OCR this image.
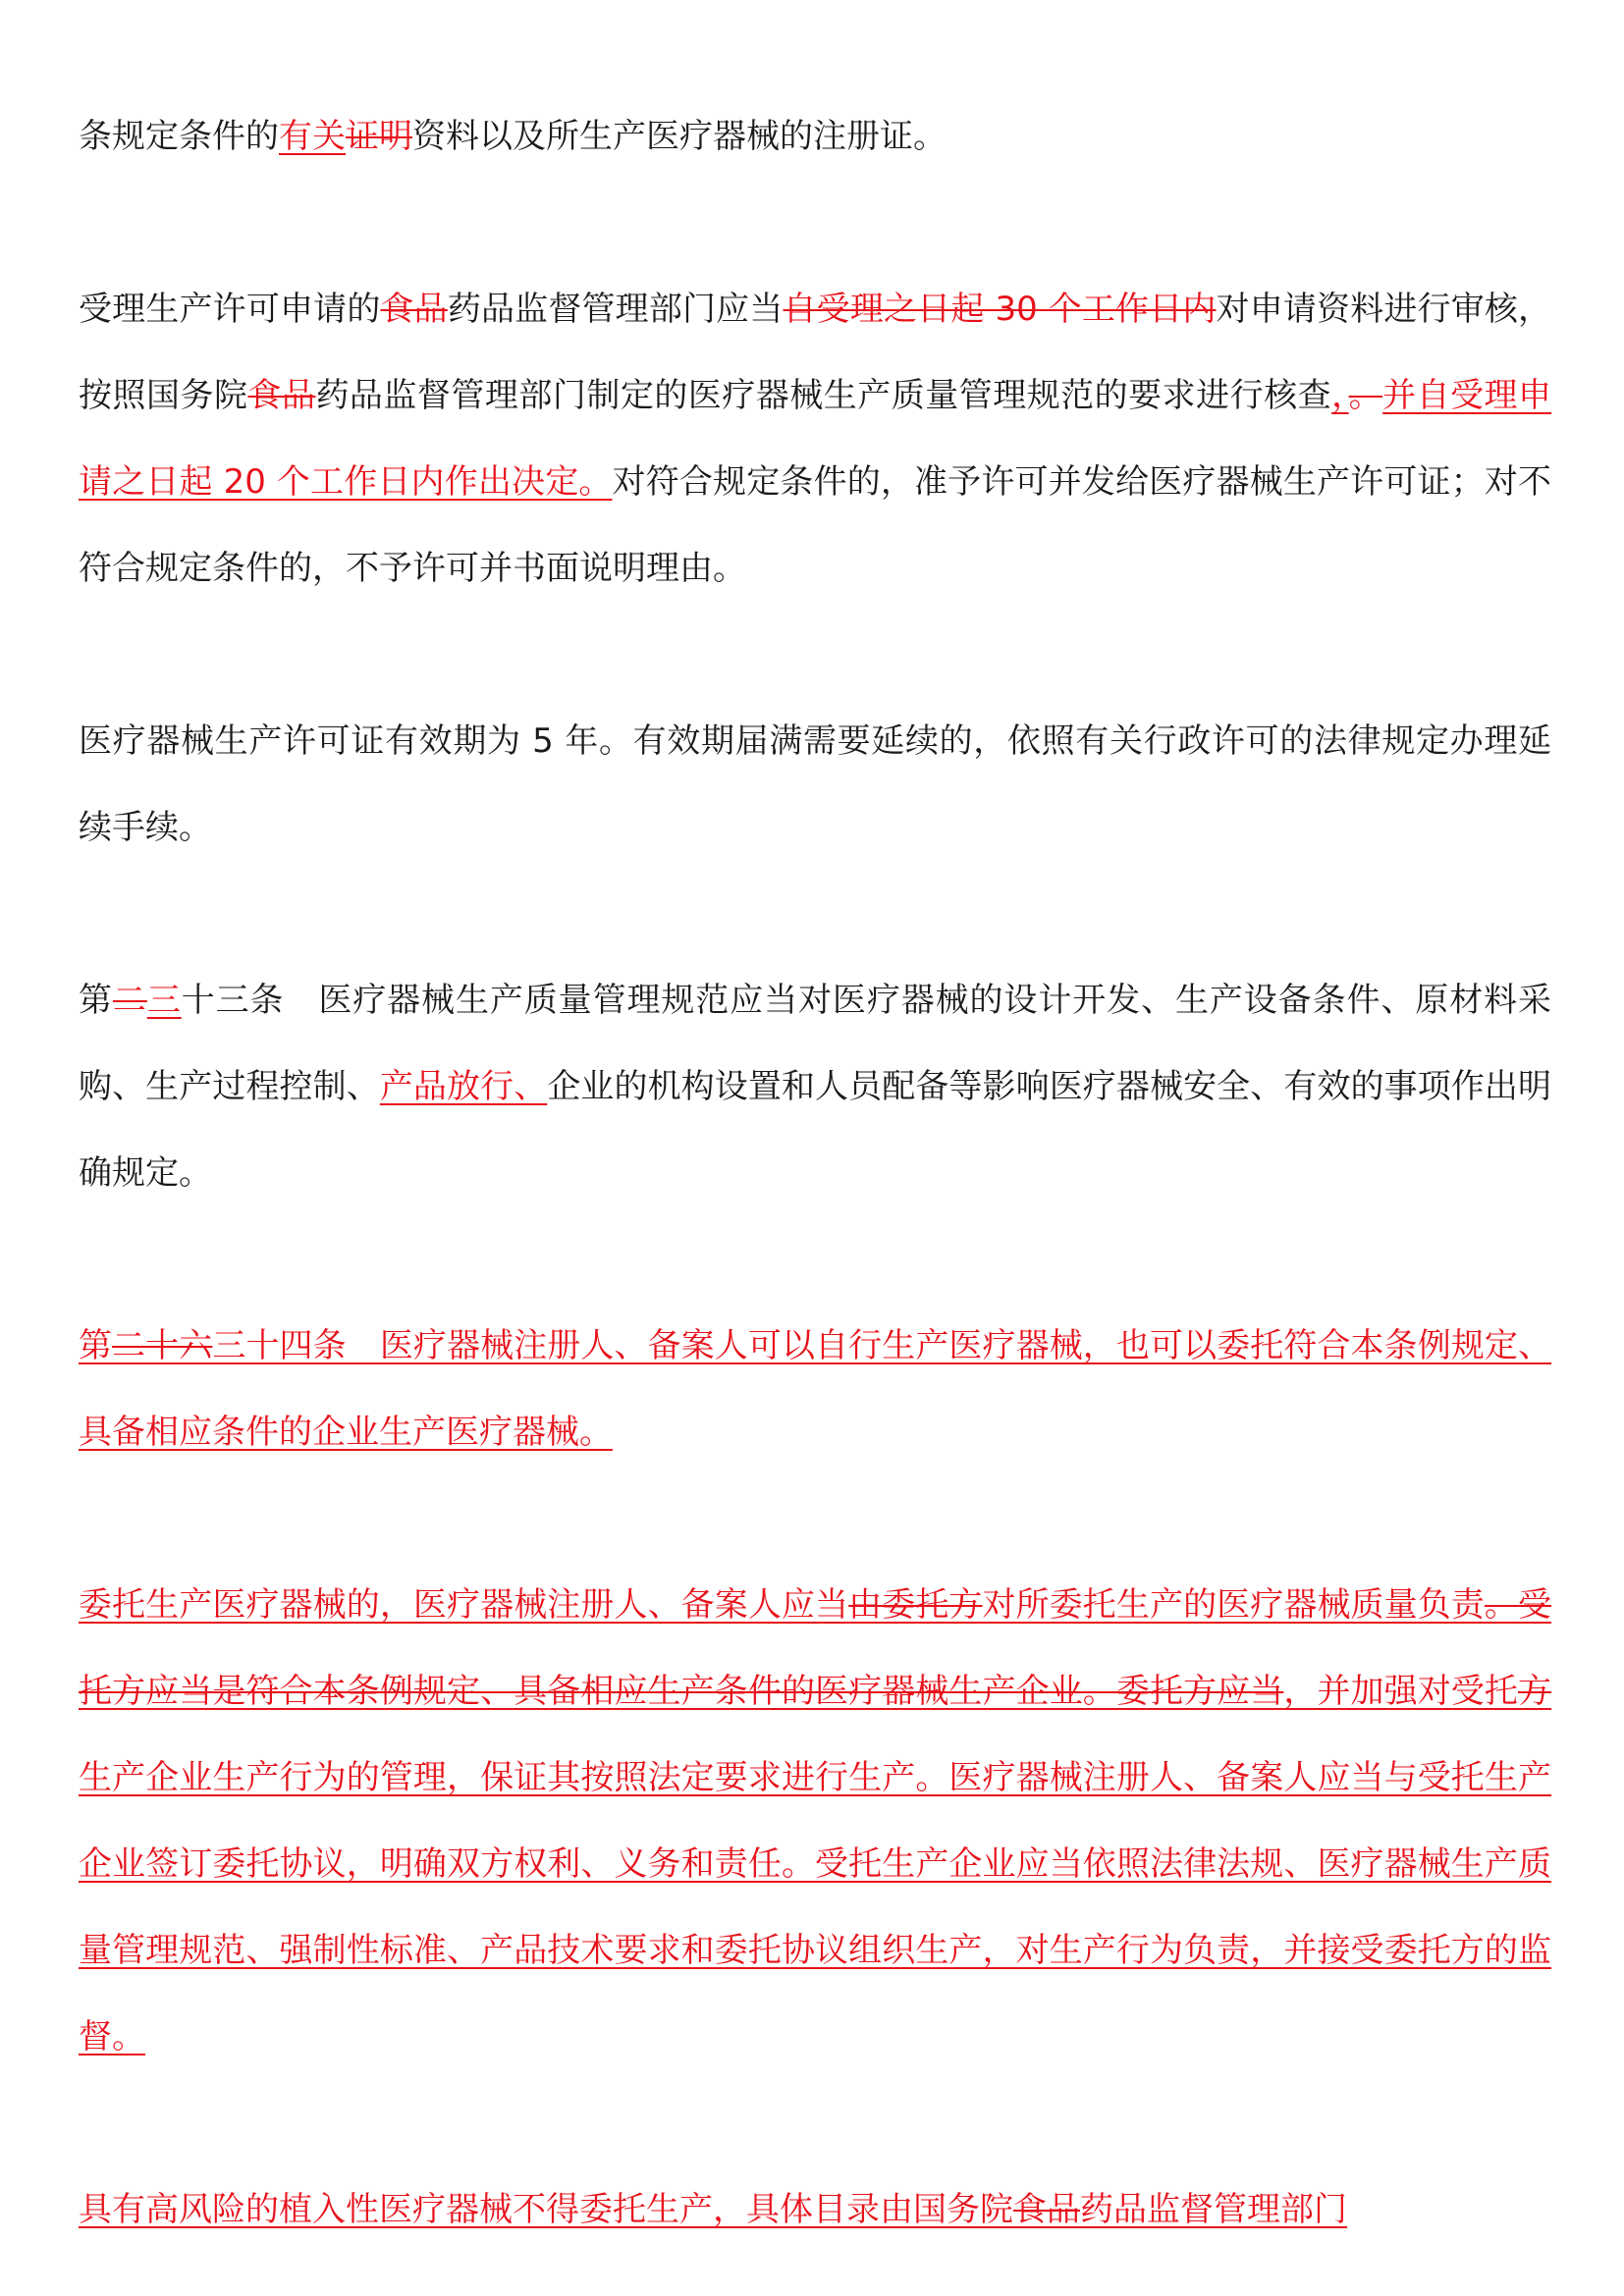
条规定条件的有关证明资料以及所生产医疗器械的注册证。

受理生产许可申请的食品药品监督管理部门应当自受理之日起 30 个工作日内对申请资料进行审核，按照国务院食品药品监督管理部门制定的医疗器械生产质量管理规范的要求进行核查，。并自受理申请之日起 20 个工作日内作出决定。对符合规定条件的，准予许可并发给医疗器械生产许可证；对不符合规定条件的，不予许可并书面说明理由。

医疗器械生产许可证有效期为 5 年。有效期届满需要延续的，依照有关行政许可的法律规定办理延续手续。

第二三十三条 医疗器械生产质量管理规范应当对医疗器械的设计开发、生产设备条件、原材料采购、生产过程控制、产品放行、企业的机构设置和人员配备等影响医疗器械安全、有效的事项作出明确规定。

第二十六三十四条　医疗器械注册人、备案人可以自行生产医疗器械，也可以委托符合本条例规定、具备相应条件的企业生产医疗器械。

委托生产医疗器械的，医疗器械注册人、备案人应当由委托方对所委托生产的医疗器械质量负责。受托方应当是符合本条例规定、具备相应生产条件的医疗器械生产企业。委托方应当，并加强对受托方生产企业生产行为的管理，保证其按照法定要求进行生产。医疗器械注册人、备案人应当与受托生产企业签订委托协议，明确双方权利、义务和责任。受托生产企业应当依照法律法规、医疗器械生产质量管理规范、强制性标准、产品技术要求和委托协议组织生产，对生产行为负责，并接受委托方的监督。

具有高风险的植入性医疗器械不得委托生产，具体目录由国务院食品药品监督管理部门
